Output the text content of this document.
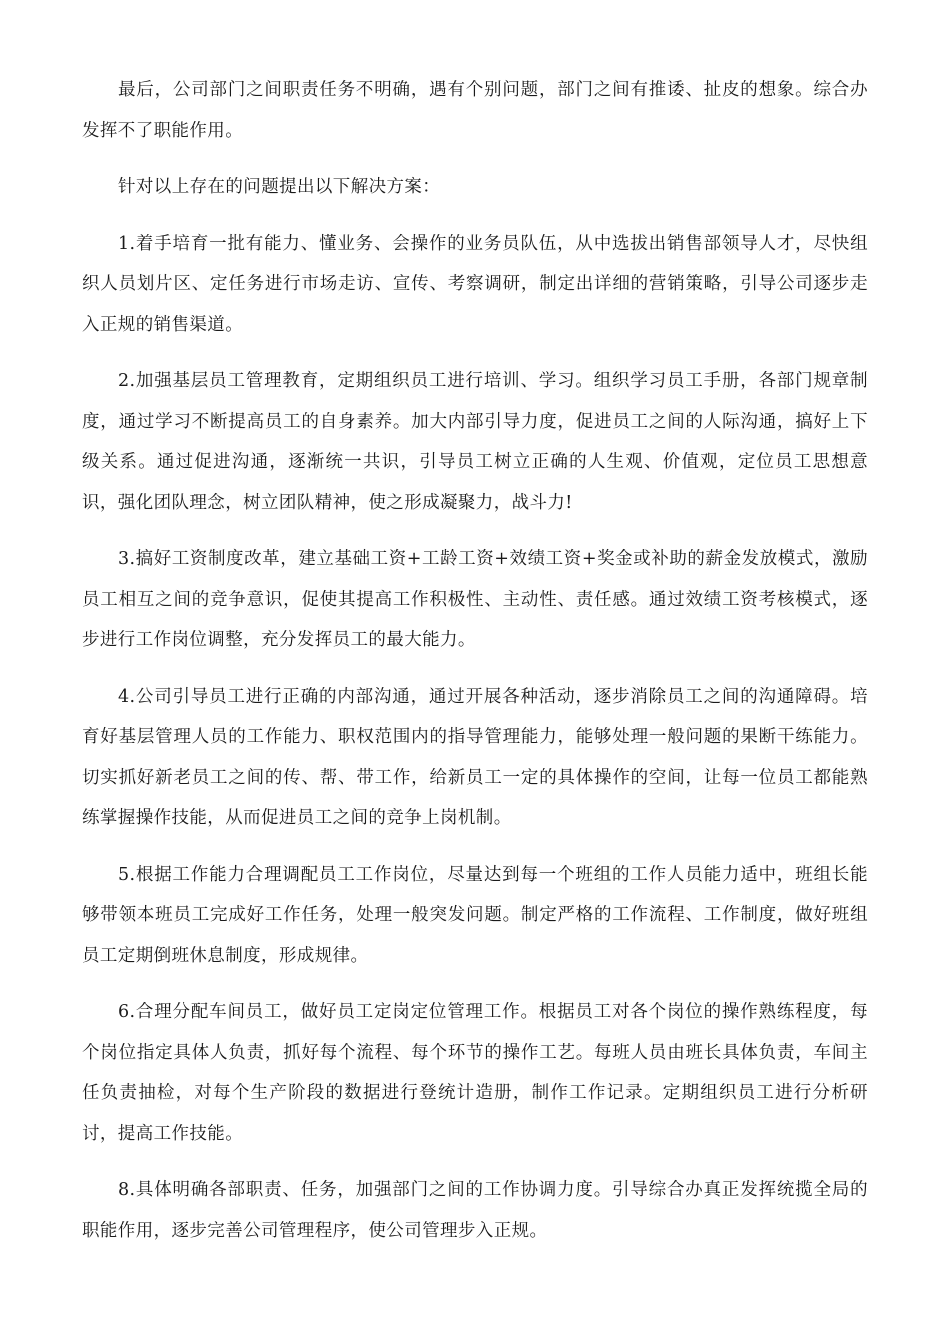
最后，公司部门之间职责任务不明确，遇有个别问题，部门之间有推诿、扯皮的想象。综合办发挥不了职能作用。

针对以上存在的问题提出以下解决方案：

1.着手培育一批有能力、懂业务、会操作的业务员队伍，从中选拔出销售部领导人才，尽快组织人员划片区、定任务进行市场走访、宣传、考察调研，制定出详细的营销策略，引导公司逐步走入正规的销售渠道。

2.加强基层员工管理教育，定期组织员工进行培训、学习。组织学习员工手册，各部门规章制度，通过学习不断提高员工的自身素养。加大内部引导力度，促进员工之间的人际沟通，搞好上下级关系。通过促进沟通，逐渐统一共识，引导员工树立正确的人生观、价值观，定位员工思想意识，强化团队理念，树立团队精神，使之形成凝聚力，战斗力!

3.搞好工资制度改革，建立基础工资+工龄工资+效绩工资+奖金或补助的薪金发放模式，激励员工相互之间的竞争意识，促使其提高工作积极性、主动性、责任感。通过效绩工资考核模式，逐步进行工作岗位调整，充分发挥员工的最大能力。

4.公司引导员工进行正确的内部沟通，通过开展各种活动，逐步消除员工之间的沟通障碍。培育好基层管理人员的工作能力、职权范围内的指导管理能力，能够处理一般问题的果断干练能力。切实抓好新老员工之间的传、帮、带工作，给新员工一定的具体操作的空间，让每一位员工都能熟练掌握操作技能，从而促进员工之间的竞争上岗机制。

5.根据工作能力合理调配员工工作岗位，尽量达到每一个班组的工作人员能力适中，班组长能够带领本班员工完成好工作任务，处理一般突发问题。制定严格的工作流程、工作制度，做好班组员工定期倒班休息制度，形成规律。

6.合理分配车间员工，做好员工定岗定位管理工作。根据员工对各个岗位的操作熟练程度，每个岗位指定具体人负责，抓好每个流程、每个环节的操作工艺。每班人员由班长具体负责，车间主任负责抽检，对每个生产阶段的数据进行登统计造册，制作工作记录。定期组织员工进行分析研讨，提高工作技能。

8.具体明确各部职责、任务，加强部门之间的工作协调力度。引导综合办真正发挥统揽全局的职能作用，逐步完善公司管理程序，使公司管理步入正规。
